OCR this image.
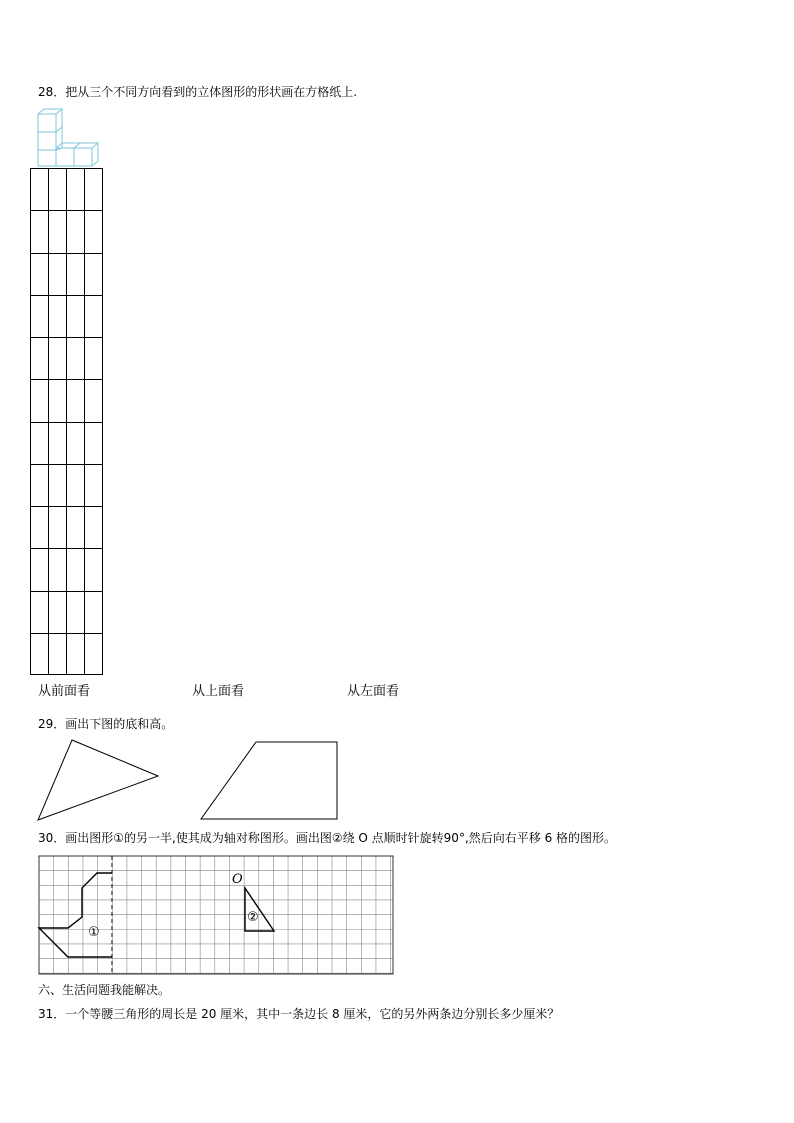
28．把从三个不同方向看到的立体图形的形状画在方格纸上.
从前面看	从上面看	从左面看
29．画出下图的底和高。
30．画出图形①的另一半,使其成为轴对称图形。画出图②绕 O 点顺时针旋转90°,然后向右平移 6 格的图形。
O
①
②
六、生活问题我能解决。
31．一个等腰三角形的周长是 20 厘米，其中一条边长 8 厘米，它的另外两条边分别长多少厘米？
